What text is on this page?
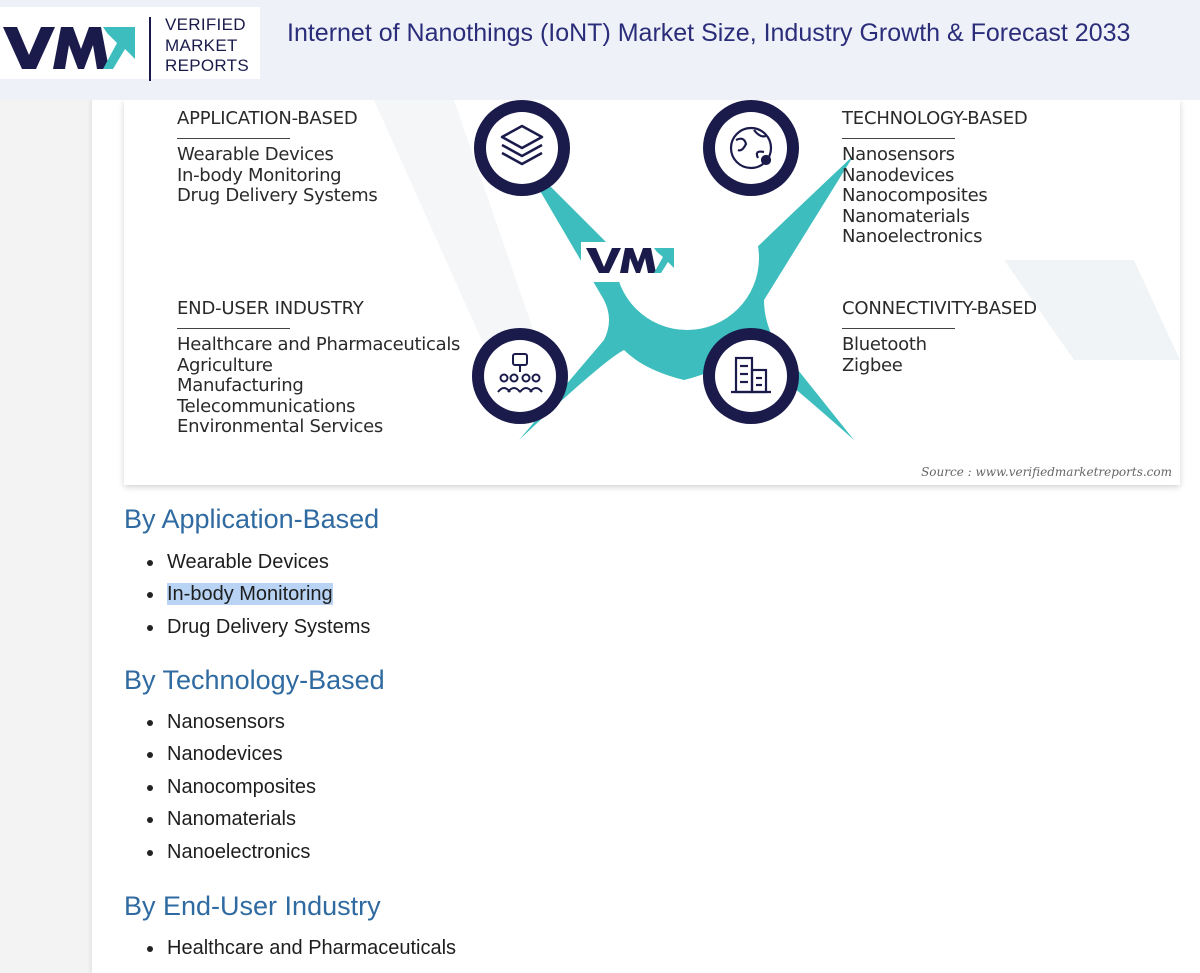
VERIFIED
MARKET
REPORTS
Internet of Nanothings (IoNT) Market Size, Industry Growth & Forecast 2033
APPLICATION-BASED
Wearable Devices
In-body Monitoring
Drug Delivery Systems
TECHNOLOGY-BASED
Nanosensors
Nanodevices
Nanocomposites
Nanomaterials
Nanoelectronics
END-USER INDUSTRY
Healthcare and Pharmaceuticals
Agriculture
Manufacturing
Telecommunications
Environmental Services
CONNECTIVITY-BASED
Bluetooth
Zigbee
Source : www.verifiedmarketreports.com
By Application-Based
Wearable Devices
In-body Monitoring
Drug Delivery Systems
By Technology-Based
Nanosensors
Nanodevices
Nanocomposites
Nanomaterials
Nanoelectronics
By End-User Industry
Healthcare and Pharmaceuticals
